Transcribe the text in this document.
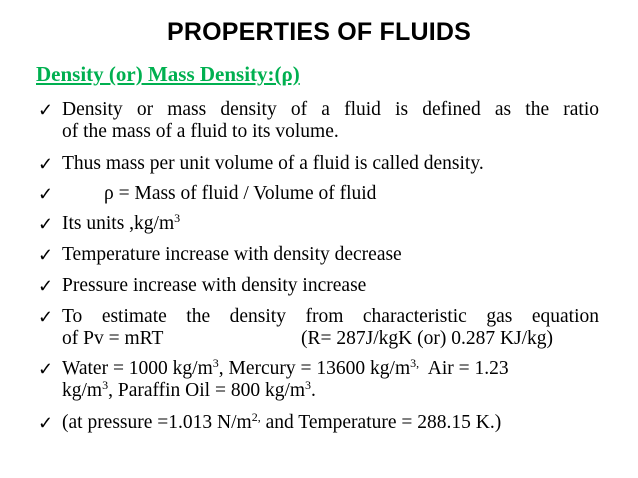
PROPERTIES OF FLUIDS
Density (or) Mass Density:(ρ)
✓ Density or mass density of a fluid is defined as the ratio
of the mass of a fluid to its volume.
✓ Thus mass per unit volume of a fluid is called density.
✓	ρ = Mass of fluid / Volume of fluid
✓ Its units $,kg/m^3$
✓ Temperature increase with density decrease
✓ Pressure increase with density increase
✓ To estimate the density from characteristic gas equation
of Pv = mRT	(R= 287J/kgK (or) 0.287 KJ/kg)
✓ Water = 1000 $kg/m^3$, Mercury = 13600 $kg/m^{3,}$  Air = 1.23
$kg/m^3$, Paraffin Oil = 800 $kg/m^3$.
✓ (at pressure =1.013 $N/m^{2,}$ and Temperature = 288.15 K.)
